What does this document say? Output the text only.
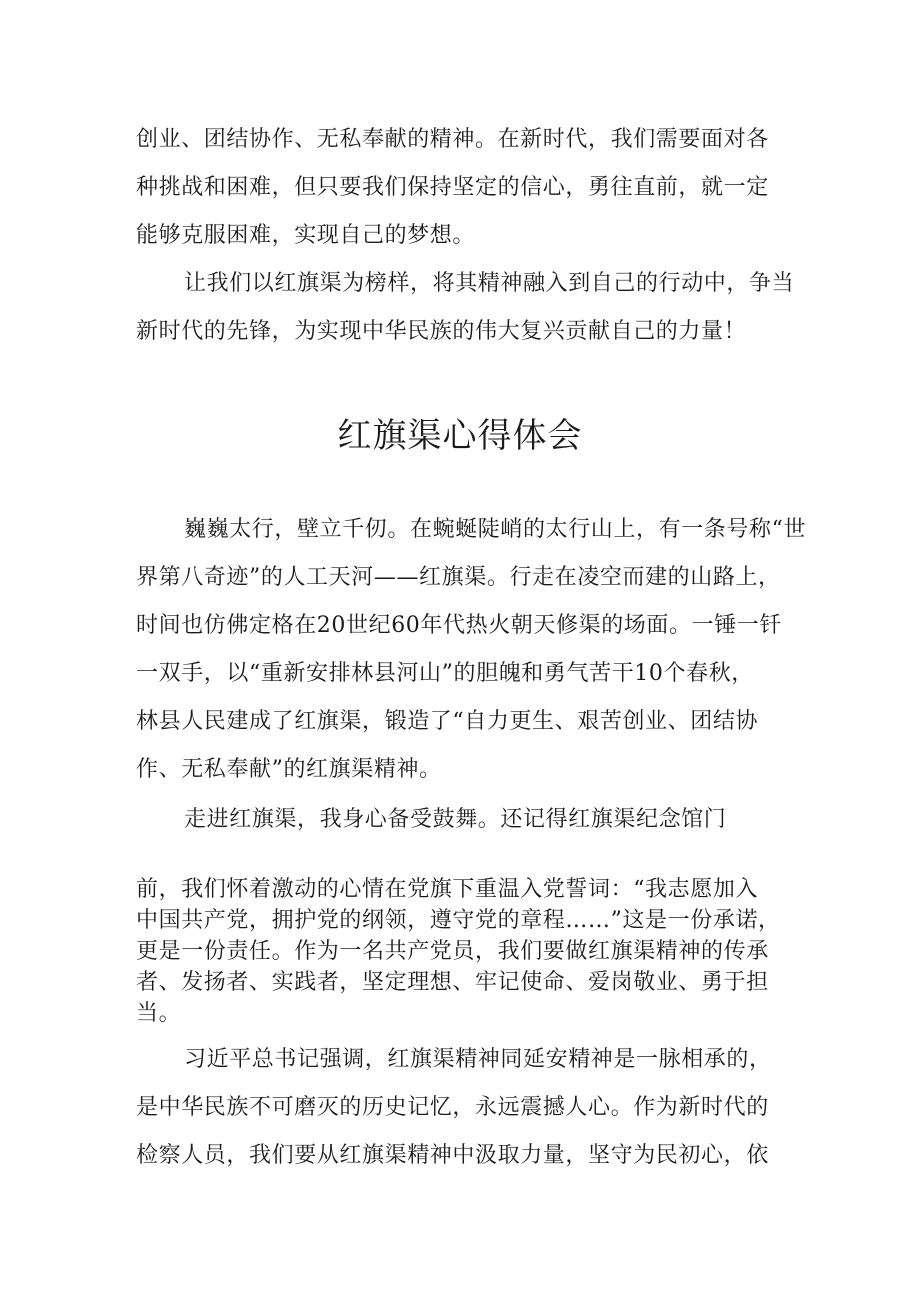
创业、团结协作、无私奉献的精神。在新时代，我们需要面对各
种挑战和困难，但只要我们保持坚定的信心，勇往直前，就一定
能够克服困难，实现自己的梦想。
让我们以红旗渠为榜样，将其精神融入到自己的行动中，争当
新时代的先锋，为实现中华民族的伟大复兴贡献自己的力量！
红旗渠心得体会
巍巍太行，壁立千仞。在蜿蜒陡峭的太行山上，有一条号称“世
界第八奇迹”的人工天河——红旗渠。行走在凌空而建的山路上，
时间也仿佛定格在20世纪60年代热火朝天修渠的场面。一锤一钎
一双手，以“重新安排林县河山”的胆魄和勇气苦干10个春秋，
林县人民建成了红旗渠，锻造了“自力更生、艰苦创业、团结协
作、无私奉献”的红旗渠精神。
走进红旗渠，我身心备受鼓舞。还记得红旗渠纪念馆门
前，我们怀着激动的心情在党旗下重温入党誓词：“我志愿加入
中国共产党，拥护党的纲领，遵守党的章程……”这是一份承诺，
更是一份责任。作为一名共产党员，我们要做红旗渠精神的传承
者、发扬者、实践者，坚定理想、牢记使命、爱岗敬业、勇于担
当。
习近平总书记强调，红旗渠精神同延安精神是一脉相承的，
是中华民族不可磨灭的历史记忆，永远震撼人心。作为新时代的
检察人员，我们要从红旗渠精神中汲取力量，坚守为民初心，依
